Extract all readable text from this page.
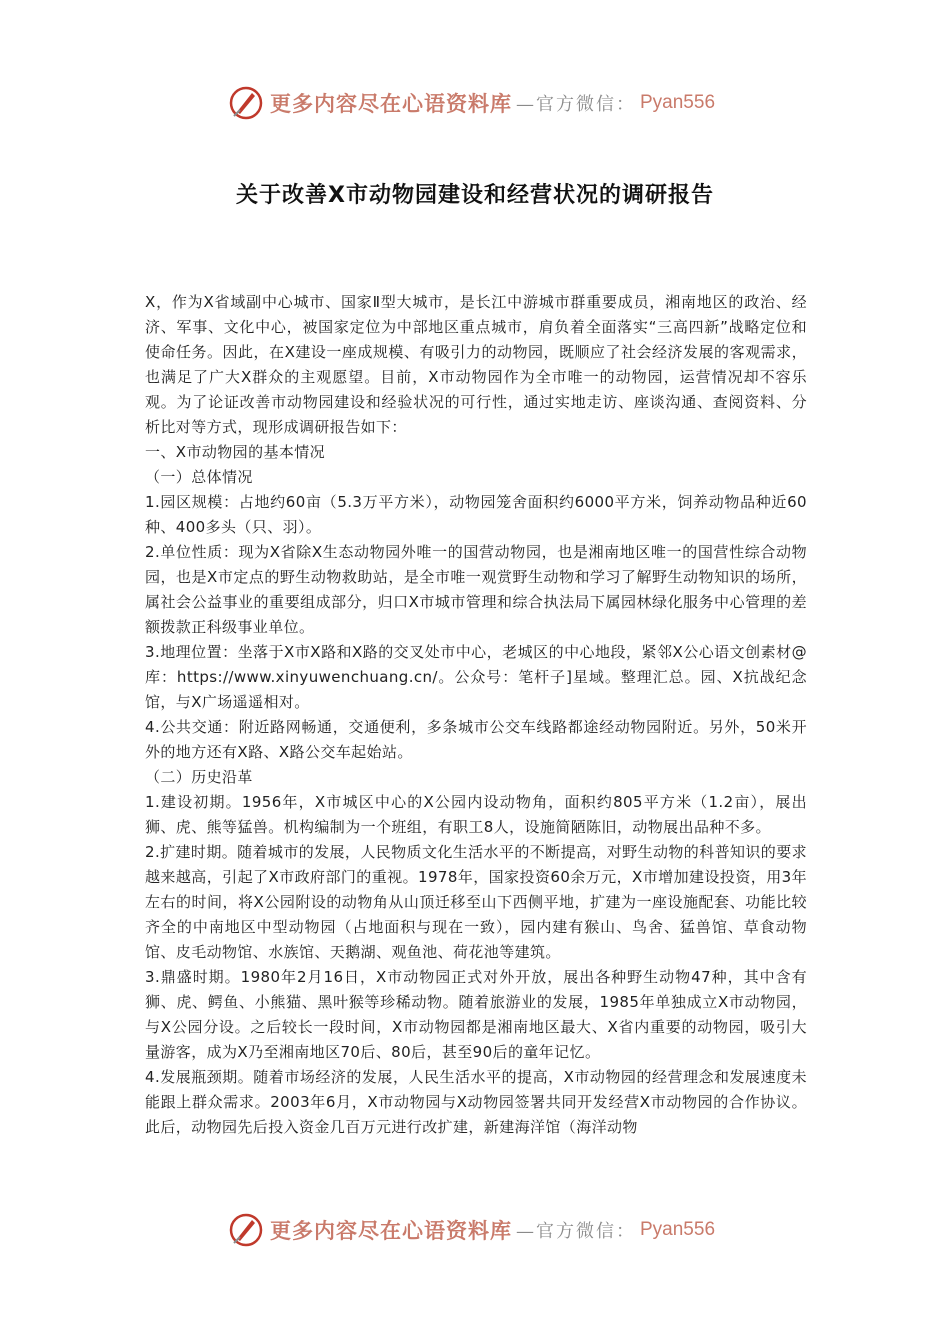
更多内容尽在心语资料库 —官方微信： Pyan556
关于改善X市动物园建设和经营状况的调研报告

X，作为X省域副中心城市、国家Ⅱ型大城市，是长江中游城市群重要成员，湘南地区的政治、经济、军事、文化中心，被国家定位为中部地区重点城市，肩负着全面落实“三高四新”战略定位和使命任务。因此，在X建设一座成规模、有吸引力的动物园，既顺应了社会经济发展的客观需求，也满足了广大X群众的主观愿望。目前，X市动物园作为全市唯一的动物园，运营情况却不容乐观。为了论证改善市动物园建设和经验状况的可行性，通过实地走访、座谈沟通、查阅资料、分析比对等方式，现形成调研报告如下：

一、X市动物园的基本情况

（一）总体情况

1.园区规模：占地约60亩（5.3万平方米），动物园笼舍面积约6000平方米，饲养动物品种近60种、400多头（只、羽）。

2.单位性质：现为X省除X生态动物园外唯一的国营动物园，也是湘南地区唯一的国营性综合动物园，也是X市定点的野生动物救助站，是全市唯一观赏野生动物和学习了解野生动物知识的场所，属社会公益事业的重要组成部分，归口X市城市管理和综合执法局下属园林绿化服务中心管理的差额拨款正科级事业单位。

3.地理位置：坐落于X市X路和X路的交叉处市中心，老城区的中心地段，紧邻X公心语文创素材@库：https://www.xinyuwenchuang.cn/。公众号：笔杆子]星域。整理汇总。园、X抗战纪念馆，与X广场遥遥相对。

4.公共交通：附近路网畅通，交通便利，多条城市公交车线路都途经动物园附近。另外，50米开外的地方还有X路、X路公交车起始站。

（二）历史沿革

1.建设初期。1956年，X市城区中心的X公园内设动物角，面积约805平方米（1.2亩），展出狮、虎、熊等猛兽。机构编制为一个班组，有职工8人，设施简陋陈旧，动物展出品种不多。

2.扩建时期。随着城市的发展，人民物质文化生活水平的不断提高，对野生动物的科普知识的要求越来越高，引起了X市政府部门的重视。1978年，国家投资60余万元，X市增加建设投资，用3年左右的时间，将X公园附设的动物角从山顶迁移至山下西侧平地，扩建为一座设施配套、功能比较齐全的中南地区中型动物园（占地面积与现在一致），园内建有猴山、鸟舍、猛兽馆、草食动物馆、皮毛动物馆、水族馆、天鹅湖、观鱼池、荷花池等建筑。

3.鼎盛时期。1980年2月16日，X市动物园正式对外开放，展出各种野生动物47种，其中含有狮、虎、鳄鱼、小熊猫、黑叶猴等珍稀动物。随着旅游业的发展，1985年单独成立X市动物园，与X公园分设。之后较长一段时间，X市动物园都是湘南地区最大、X省内重要的动物园，吸引大量游客，成为X乃至湘南地区70后、80后，甚至90后的童年记忆。

4.发展瓶颈期。随着市场经济的发展，人民生活水平的提高，X市动物园的经营理念和发展速度未能跟上群众需求。2003年6月，X市动物园与X动物园签署共同开发经营X市动物园的合作协议。此后，动物园先后投入资金几百万元进行改扩建，新建海洋馆（海洋动物

更多内容尽在心语资料库 —官方微信： Pyan556
